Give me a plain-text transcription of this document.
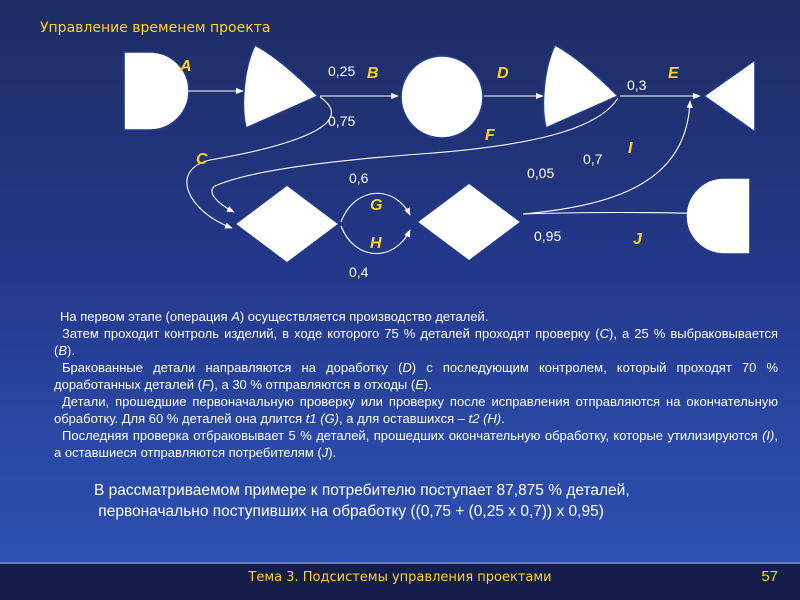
Управление временем проекта
A	B
C
D	E
F
G
H
I
J
0,25
0,75
0,3
0,7
0,05
0,95
0,6
0,4

На первом этапе (операция A) осуществляется производство деталей.

Затем проходит контроль изделий, в ходе которого 75 % деталей проходят проверку (C), а 25 % выбраковывается (B).

Бракованные детали направляются на доработку (D) с последующим контролем, который проходят 70 % доработанных деталей (F), а 30 % отправляются в отходы (E).

Детали, прошедшие первоначальную проверку или проверку после исправления отправляются на окончательную обработку. Для 60 % деталей она длится t1 (G), а для оставшихся – t2 (H).

Последняя проверка отбраковывает 5 % деталей, прошедших окончательную обработку, которые утилизируются (I), а оставшиеся отправляются потребителям (J).

В рассматриваемом примере к потребителю поступает 87,875 % деталей,
первоначально поступивших на обработку ((0,75 + (0,25 x 0,7)) x 0,95)
Тема 3. Подсистемы управления проектами	57
